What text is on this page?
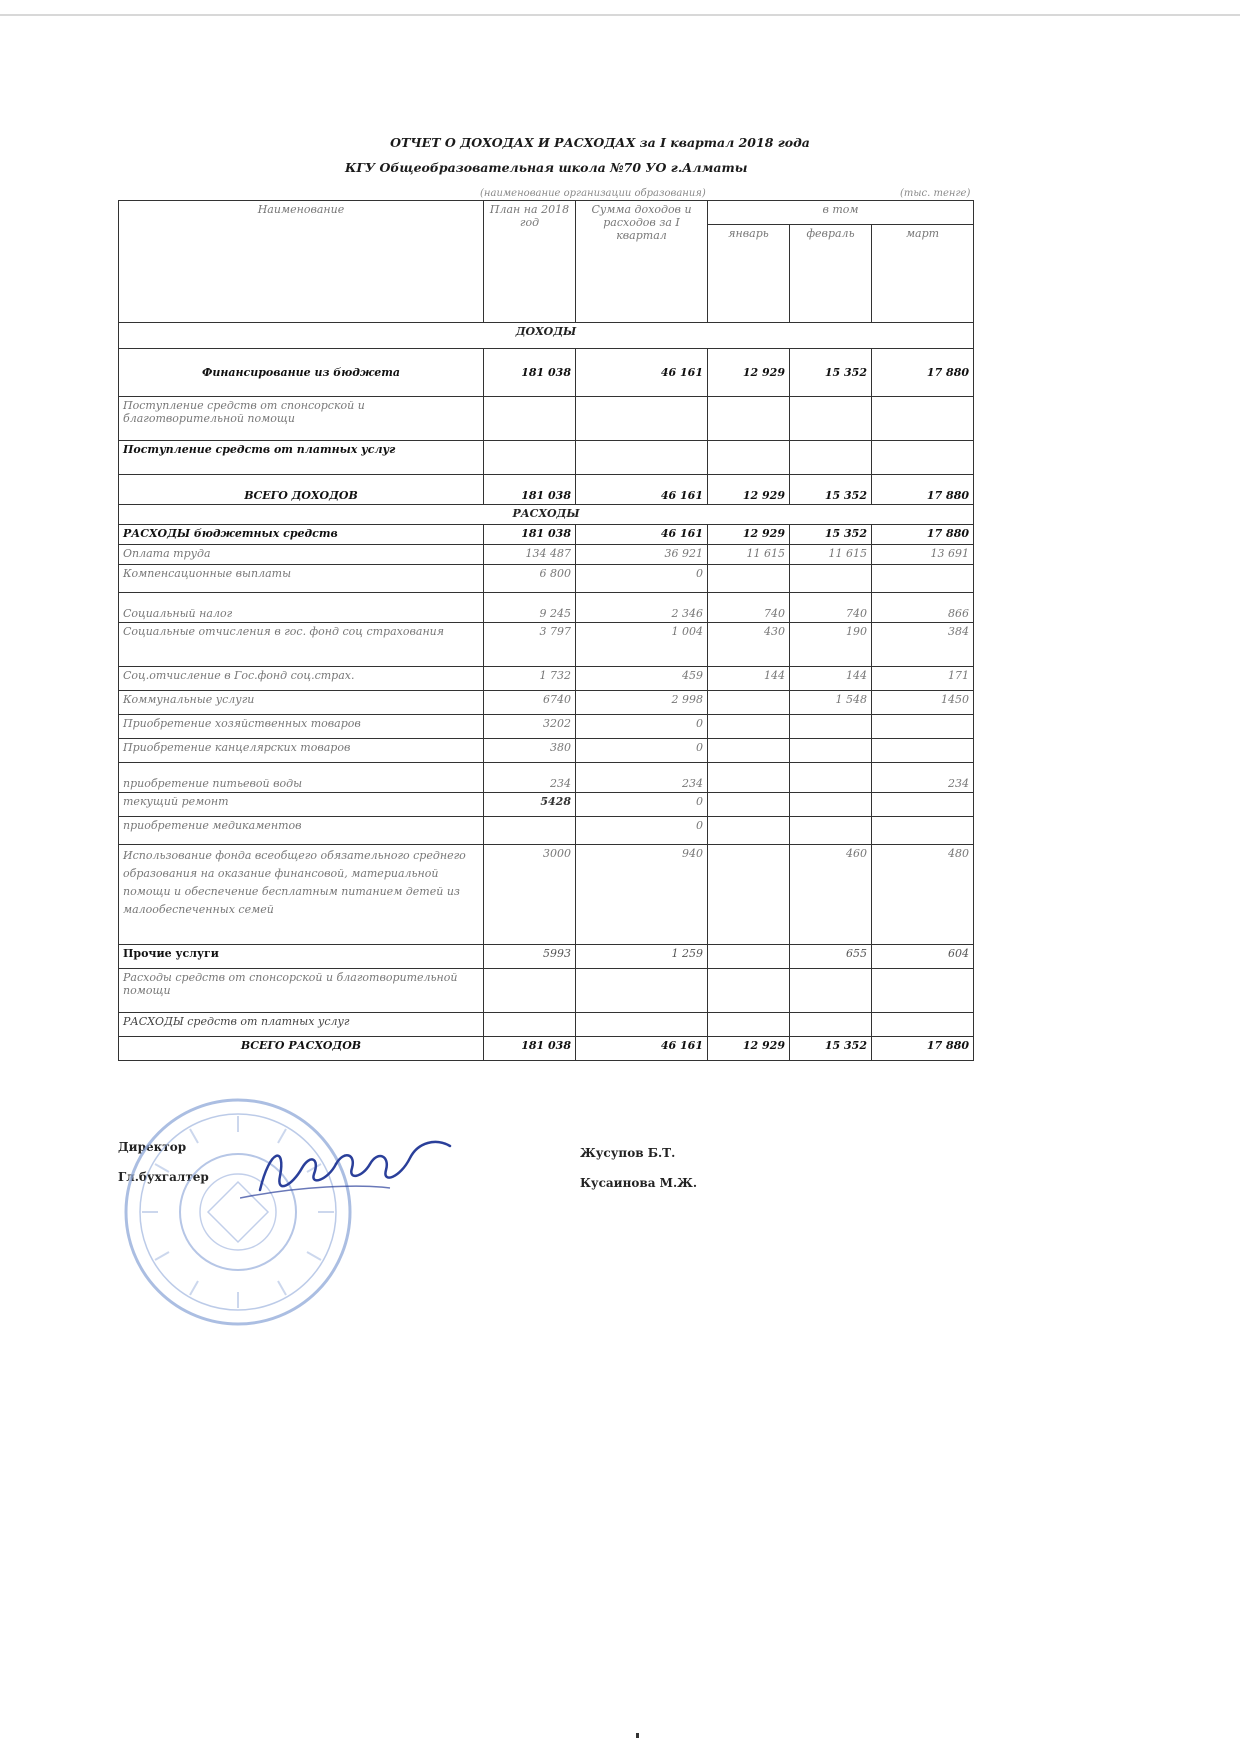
ОТЧЕТ О ДОХОДАХ И РАСХОДАХ за I квартал 2018 года
КГУ Общеобразовательная школа №70 УО г.Алматы
(наименование организации образования)	(тыс. тенге)
Наименование	План на 2018 год	Сумма доходов и расходов за I квартал	в том		
			январь	февраль	март
ДОХОДЫ					
Финансирование из бюджета	181 038	46 161	12 929	15 352	17 880
Поступление средств от спонсорской и благотворительной помощи					
Поступление средств от платных услуг					
ВСЕГО ДОХОДОВ	181 038	46 161	12 929	15 352	17 880
РАСХОДЫ					
РАСХОДЫ бюджетных средств	181 038	46 161	12 929	15 352	17 880
Оплата труда	134 487	36 921	11 615	11 615	13 691
Компенсационные выплаты	6 800	0			
Социальный налог	9 245	2 346	740	740	866
Социальные отчисления в гос. фонд соц страхования	3 797	1 004	430	190	384
Соц.отчисление в Гос.фонд соц.страх.	1 732	459	144	144	171
Коммунальные услуги	6740	2 998		1 548	1450
Приобретение хозяйственных товаров	3202	0			
Приобретение канцелярских товаров	380	0			
приобретение питьевой воды	234	234			234
текущий ремонт	5428	0			
приобретение медикаментов		0			
Использование фонда всеобщего обязательного среднего образования на оказание финансовой, материальной помощи и обеспечение бесплатным питанием детей из малообеспеченных семей	3000	940		460	480
Прочие услуги	5993	1 259		655	604
Расходы средств от спонсорской и благотворительной помощи					
РАСХОДЫ средств от платных услуг					
ВСЕГО РАСХОДОВ	181 038	46 161	12 929	15 352	17 880
Директор
Гл.бухгалтер
Жусупов Б.Т.
Кусаинова М.Ж.
